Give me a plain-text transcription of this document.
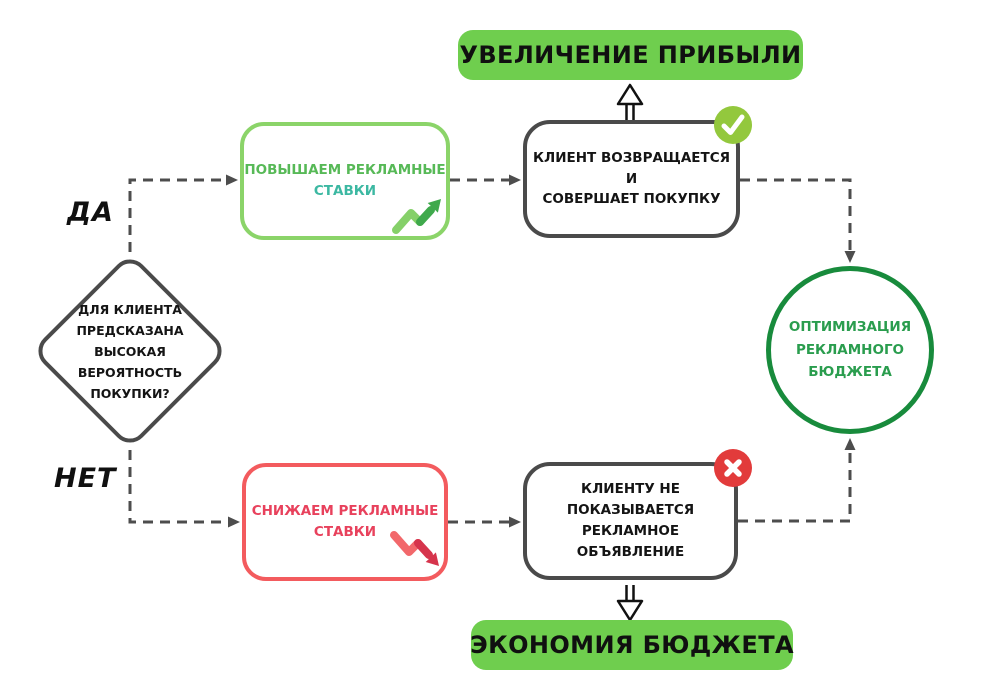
УВЕЛИЧЕНИЕ ПРИБЫЛИ
ЭКОНОМИЯ БЮДЖЕТА
ДЛЯ КЛИЕНТА
ПРЕДСКАЗАНА
ВЫСОКАЯ
ВЕРОЯТНОСТЬ
ПОКУПКИ?
ДА
НЕТ
ПОВЫШАЕМ РЕКЛАМНЫЕ
СТАВКИ
КЛИЕНТ ВОЗВРАЩАЕТСЯ И
СОВЕРШАЕТ ПОКУПКУ
СНИЖАЕМ РЕКЛАМНЫЕ
СТАВКИ
КЛИЕНТУ НЕ
ПОКАЗЫВАЕТСЯ
РЕКЛАМНОЕ ОБЪЯВЛЕНИЕ
ОПТИМИЗАЦИЯ
РЕКЛАМНОГО
БЮДЖЕТА
